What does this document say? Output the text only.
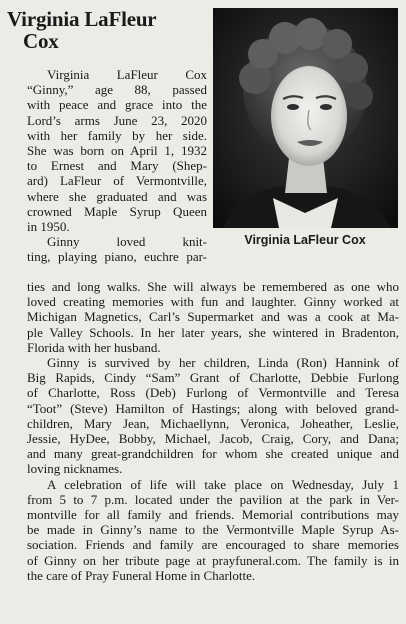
Virginia LaFleur
Cox
Virginia LaFleur Cox

Virginia LaFleur Cox
“Ginny,” age 88, passed
with peace and grace into the
Lord’s arms June 23, 2020
with her family by her side.
She was born on April 1, 1932
to Ernest and Mary (Shep-
ard) LaFleur of Vermontville,
where she graduated and was
crowned Maple Syrup Queen
in 1950.

Ginny loved knit-
ting, playing piano, euchre par-

ties and long walks. She will always be remembered as one who
loved creating memories with fun and laughter. Ginny worked at
Michigan Magnetics, Carl’s Supermarket and was a cook at Ma-
ple Valley Schools. In her later years, she wintered in Bradenton,
Florida with her husband.

Ginny is survived by her children, Linda (Ron) Hannink of
Big Rapids, Cindy “Sam” Grant of Charlotte, Debbie Furlong
of Charlotte, Ross (Deb) Furlong of Vermontville and Teresa
“Toot” (Steve) Hamilton of Hastings; along with beloved grand-
children, Mary Jean, Michaellynn, Veronica, Joheather, Leslie,
Jessie, HyDee, Bobby, Michael, Jacob, Craig, Cory, and Dana;
and many great-grandchildren for whom she created unique and
loving nicknames.

A celebration of life will take place on Wednesday, July 1
from 5 to 7 p.m. located under the pavilion at the park in Ver-
montville for all family and friends. Memorial contributions may
be made in Ginny’s name to the Vermontville Maple Syrup As-
sociation. Friends and family are encouraged to share memories
of Ginny on her tribute page at prayfuneral.com. The family is in
the care of Pray Funeral Home in Charlotte.
